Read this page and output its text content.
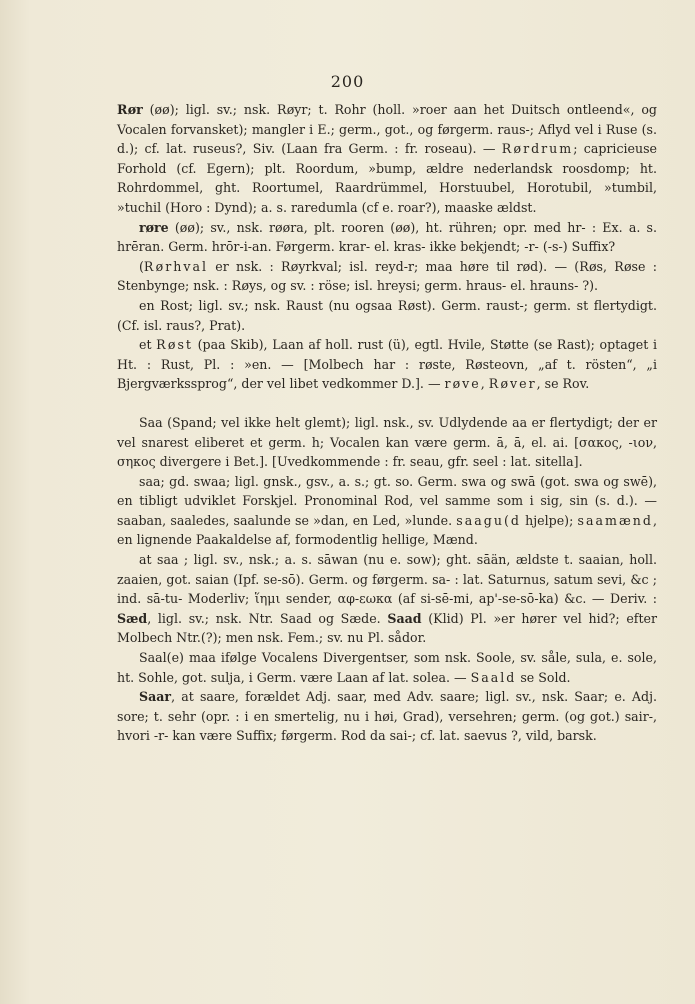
200

Rør (øø); ligl. sv.; nsk. Røyr; t. Rohr (holl. »roer aan het Duitsch ontleend«, og Vocalen forvansket); mangler i E.; germ., got., og førgerm. raus-; Aflyd vel i Ruse (s. d.); cf. lat. ruseus?, Siv. (Laan fra Germ. : fr. roseau). — Rørdrum; capricieuse Forhold (cf. Egern); plt. Roordum, »bump, ældre nederlandsk roosdomp; ht. Rohrdommel, ght. Roortumel, Raardrümmel, Horstuubel, Horotubil, »tumbil, »tuchil (Horo : Dynd); a. s. raredumla (cf e. roar?), maaske ældst.

røre (øø); sv., nsk. røøra, plt. rooren (øø), ht. rühren; opr. med hr- : Ex. a. s. hrēran. Germ. hrōr-i-an. Førgerm. krar- el. kras- ikke bekjendt; -r- (-s-) Suffix?

(Rørhval er nsk. : Røyrkval; isl. reyd-r; maa høre til rød). — (Røs, Røse : Stenbynge; nsk. : Røys, og sv. : röse; isl. hreysi; germ. hraus- el. hrauns- ?).

en Rost; ligl. sv.; nsk. Raust (nu ogsaa Røst). Germ. raust-; germ. st flertydigt. (Cf. isl. raus?, Prat).

et Røst (paa Skib), Laan af holl. rust (ü), egtl. Hvile, Støtte (se Rast); optaget i Ht. : Rust, Pl. : »en. — [Molbech har : røste, Røsteovn, „af t. rösten“, „i Bjergværkssprog“, der vel libet vedkommer D.]. — røve, Røver, se Rov.

Saa (Spand; vel ikke helt glemt); ligl. nsk., sv. Udlydende aa er flertydigt; der er vel snarest eliberet et germ. h; Vocalen kan være germ. ā, ā, el. ai. [σακος, -ιον, σηκος divergere i Bet.]. [Uvedkommende : fr. seau, gfr. seel : lat. sitella].

saa; gd. swaa; ligl. gnsk., gsv., a. s.; gt. so. Germ. swa og swā (got. swa og swē), en tibligt udviklet Forskjel. Pronominal Rod, vel samme som i sig, sin (s. d.). — saaban, saaledes, saalunde se »dan, en Led, »lunde. saagu(d hjelpe); saamænd, en lignende Paakaldelse af, formodentlig hellige, Mænd.

at saa ; ligl. sv., nsk.; a. s. sāwan (nu e. sow); ght. sāän, ældste t. saaian, holl. zaaien, got. saian (Ipf. se-sō). Germ. og førgerm. sa- : lat. Saturnus, satum sevi, &c ; ind. sā-tu- Moderliv; ἵημι sender, αφ-εωκα (af si-sē-mi, ap'-se-sō-ka) &c. — Deriv. : Sæd, ligl. sv.; nsk. Ntr. Saad og Sæde. Saad (Klid) Pl. »er hører vel hid?; efter Molbech Ntr.(?); men nsk. Fem.; sv. nu Pl. sådor.

Saal(e) maa ifølge Vocalens Divergentser, som nsk. Soole, sv. såle, sula, e. sole, ht. Sohle, got. sulja, i Germ. være Laan af lat. solea. — Saald se Sold.

Saar, at saare, forældet Adj. saar, med Adv. saare; ligl. sv., nsk. Saar; e. Adj. sore; t. sehr (opr. : i en smertelig, nu i høi, Grad), versehren; germ. (og got.) sair-, hvori -r- kan være Suffix; førgerm. Rod da sai-; cf. lat. saevus ?, vild, barsk.
